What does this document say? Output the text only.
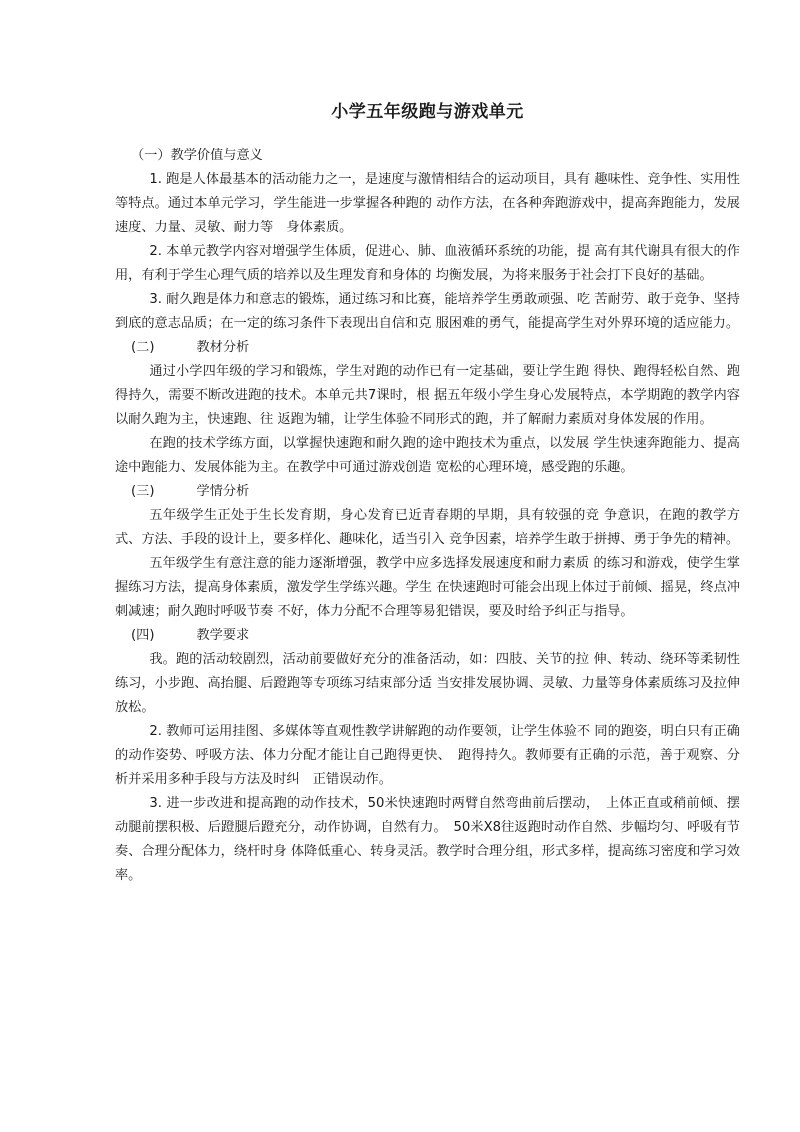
小学五年级跑与游戏单元

（一）教学价值与意义

1. 跑是人体最基本的活动能力之一，是速度与激情相结合的运动项目，具有 趣味性、竞争性、实用性等特点。通过本单元学习，学生能进一步掌握各种跑的 动作方法，在各种奔跑游戏中，提高奔跑能力，发展速度、力量、灵敏、耐力等　身体素质。

2. 本单元教学内容对增强学生体质，促进心、肺、血液循环系统的功能，提 高有其代谢具有很大的作用，有利于学生心理气质的培养以及生理发育和身体的 均衡发展，为将来服务于社会打下良好的基础。

3. 耐久跑是体力和意志的锻炼，通过练习和比赛，能培养学生勇敢顽强、吃 苦耐劳、敢于竞争、坚持到底的意志品质；在一定的练习条件下表现出自信和克 服困难的勇气，能提高学生对外界环境的适应能力。

(二)	教材分析

通过小学四年级的学习和锻炼，学生对跑的动作已有一定基础，要让学生跑 得快、跑得轻松自然、跑得持久，需要不断改进跑的技术。本单元共7课时，根 据五年级小学生身心发展特点，本学期跑的教学内容以耐久跑为主，快速跑、往 返跑为辅，让学生体验不同形式的跑，并了解耐力素质对身体发展的作用。

在跑的技术学练方面，以掌握快速跑和耐久跑的途中跑技术为重点，以发展 学生快速奔跑能力、提高途中跑能力、发展体能为主。在教学中可通过游戏创造 宽松的心理环境，感受跑的乐趣。

(三)	学情分析

五年级学生正处于生长发育期，身心发育已近青春期的早期，具有较强的竞 争意识，在跑的教学方式、方法、手段的设计上，要多样化、趣味化，适当引入 竞争因素，培养学生敢于拼搏、勇于争先的精神。

五年级学生有意注意的能力逐渐增强，教学中应多选择发展速度和耐力素质 的练习和游戏，使学生掌握练习方法，提高身体素质，激发学生学练兴趣。学生 在快速跑时可能会出现上体过于前倾、摇晃，终点冲刺减速；耐久跑时呼吸节奏 不好，体力分配不合理等易犯错误，要及时给予纠正与指导。

(四)	教学要求

我。跑的活动较剧烈，活动前要做好充分的准备活动，如：四肢、关节的拉 伸、转动、绕环等柔韧性练习，小步跑、高抬腿、后蹬跑等专项练习结束部分适 当安排发展协调、灵敏、力量等身体素质练习及拉伸放松。

2. 教师可运用挂图、多媒体等直观性教学讲解跑的动作要领，让学生体验不 同的跑姿，明白只有正确的动作姿势、呼吸方法、体力分配才能让自己跑得更快、　跑得持久。教师要有正确的示范，善于观察、分析并采用多种手段与方法及时纠　正错误动作。

3. 进一步改进和提高跑的动作技术，50米快速跑时两臂自然弯曲前后摆动，　上体正直或稍前倾、摆动腿前摆积极、后蹬腿后蹬充分，动作协调，自然有力。　50米X8往返跑时动作自然、步幅均匀、呼吸有节奏、合理分配体力，绕杆时身 体降低重心、转身灵活。教学时合理分组，形式多样，提高练习密度和学习效率。
